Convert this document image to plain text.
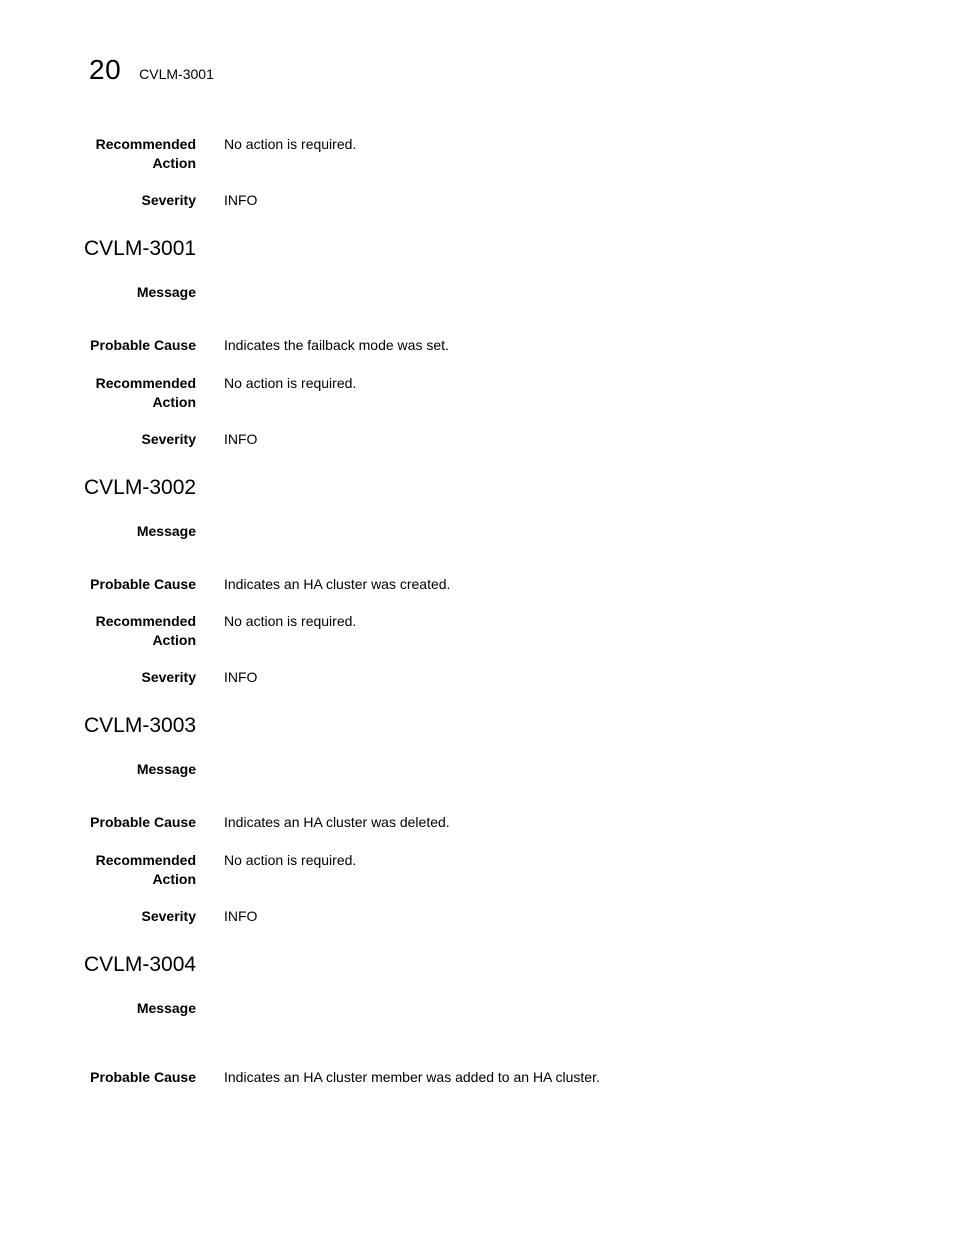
20 CVLM-3001
Recommended
Action
No action is required.
Severity INFO
CVLM-3001
Message
Probable Cause Indicates the failback mode was set.
Recommended
Action
No action is required.
Severity INFO
CVLM-3002
Message
Probable Cause Indicates an HA cluster was created.
Recommended
Action
No action is required.
Severity INFO
CVLM-3003
Message
Probable Cause Indicates an HA cluster was deleted.
Recommended
Action
No action is required.
Severity INFO
CVLM-3004
Message
Probable Cause Indicates an HA cluster member was added to an HA cluster.
